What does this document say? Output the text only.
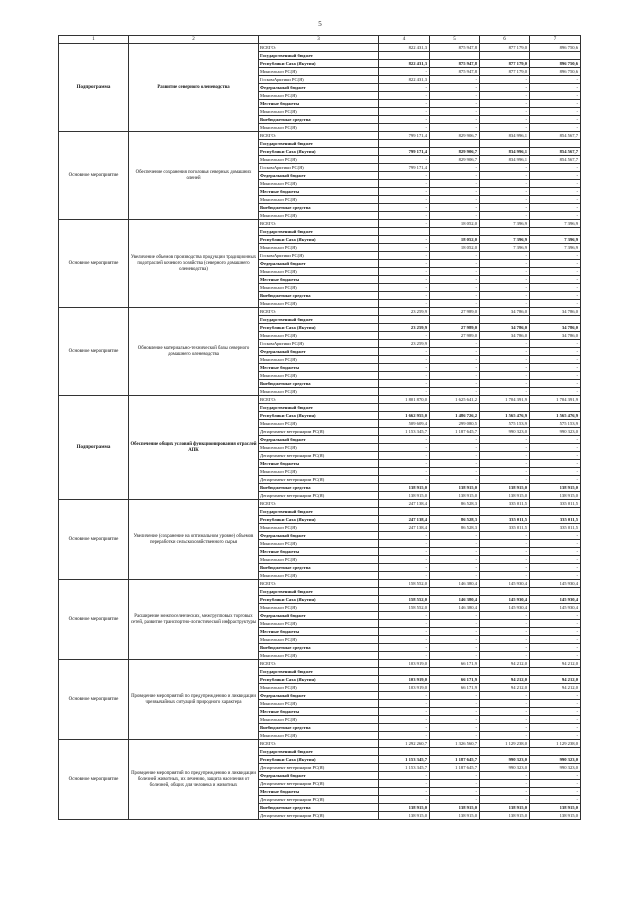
5
1	2	3	4	5	6	7
Подпрограмма	Развитие северного оленеводства	ВСЕГО:	822 431,3	875 947,8	877 179,0	896 750,6
		Государственный бюджет				
		Республики Саха (Якутия)	822 431,3	875 947,8	877 179,0	896 750,6
		Минсельхоз РС(Я)	-	875 947,8	877 179,0	896 750,6
		ГоскомАрктики РС(Я)	822 431,3	-	-	-
		Федеральный бюджет	-	-	-	-
		Минсельхоз РС(Я)	-	-	-	-
		Местные бюджеты	-	-	-	-
		Минсельхоз РС(Я)	-	-	-	-
		Внебюджетные средства	-	-	-	-
		Минсельхоз РС(Я)	-	-	-	-
Основное мероприятие	Обеспечение сохранения поголовья северных домашних оленей	ВСЕГО:	799 171,4	829 906,7	834 996,1	854 567,7
		Государственный бюджет				
		Республики Саха (Якутия)	799 171,4	829 906,7	834 996,1	854 567,7
		Минсельхоз РС(Я)	-	829 906,7	834 996,1	854 567,7
		ГоскомАрктики РС(Я)	799 171,4	-	-	-
		Федеральный бюджет	-	-	-	-
		Минсельхоз РС(Я)	-	-	-	-
		Местные бюджеты	-	-	-	-
		Минсельхоз РС(Я)	-	-	-	-
		Внебюджетные средства	-	-	-	-
		Минсельхоз РС(Я)	-	-	-	-
Основное мероприятие	Увеличение объемов производства продукции традиционных подотраслей кочевого хозяйства (северного домашнего оленеводства)	ВСЕГО:	-	18 052,0	7 396,9	7 396,9
		Государственный бюджет				
		Республики Саха (Якутия)	-	18 052,0	7 396,9	7 396,9
		Минсельхоз РС(Я)	-	18 052,0	7 396,9	7 396,9
		ГоскомАрктики РС(Я)	-	-	-	-
		Федеральный бюджет	-	-	-	-
		Минсельхоз РС(Я)	-	-	-	-
		Местные бюджеты	-	-	-	-
		Минсельхоз РС(Я)	-	-	-	-
		Внебюджетные средства	-	-	-	-
		Минсельхоз РС(Я)	-	-	-	-
Основное мероприятие	Обновление материально-технической базы северного домашнего оленеводства	ВСЕГО:	23 259,9	27 989,0	34 786,0	34 786,0
		Государственный бюджет				
		Республики Саха (Якутия)	23 259,9	27 989,0	34 786,0	34 786,0
		Минсельхоз РС(Я)	-	27 989,0	34 786,0	34 786,0
		ГоскомАрктики РС(Я)	23 259,9	-	-	-
		Федеральный бюджет	-	-	-	-
		Минсельхоз РС(Я)	-	-	-	-
		Местные бюджеты	-	-	-	-
		Минсельхоз РС(Я)	-	-	-	-
		Внебюджетные средства	-	-	-	-
		Минсельхоз РС(Я)	-	-	-	-
Подпрограмма	Обеспечение общих условий функционирования отраслей АПК	ВСЕГО:	1 801 870,0	1 625 641,2	1 704 391,9	1 704 391,9
		Государственный бюджет				
		Республики Саха (Якутия)	1 662 955,0	1 486 726,2	1 565 476,9	1 565 476,9
		Минсельхоз РС(Я)	509 609,4	299 080,5	575 153,9	575 153,9
		Департамент ветеринарии РС(Я)	1 153 345,7	1 187 645,7	990 323,0	990 323,0
		Федеральный бюджет	-	-	-	-
		Минсельхоз РС(Я)	-	-	-	-
		Департамент ветеринарии РС(Я)	-	-	-	-
		Местные бюджеты	-	-	-	-
		Минсельхоз РС(Я)	-	-	-	-
		Департамент ветеринарии РС(Я)	-	-	-	-
		Внебюджетные средства	138 915,0	138 915,0	138 915,0	138 915,0
		Департамент ветеринарии РС(Я)	138 915,0	138 915,0	138 915,0	138 915,0
Основное мероприятие	Увеличение (сохранение на оптимальном уровне) объемов переработки сельскохозяйственного сырья	ВСЕГО:	247 138,4	86 528,3	335 011,5	335 011,5
		Государственный бюджет				
		Республики Саха (Якутия)	247 138,4	86 528,3	335 011,5	335 011,5
		Минсельхоз РС(Я)	247 138,4	86 528,3	335 011,5	335 011,5
		Федеральный бюджет	-	-	-	-
		Минсельхоз РС(Я)	-	-	-	-
		Местные бюджеты	-	-	-	-
		Минсельхоз РС(Я)	-	-	-	-
		Внебюджетные средства	-	-	-	-
		Минсельхоз РС(Я)	-	-	-	-
Основное мероприятие	Расширение межпоселенческих, межгрупповых торговых сетей, развитие транспортно-логистической инфраструктуры	ВСЕГО:	158 552,0	146 380,4	145 930,4	145 930,4
		Государственный бюджет				
		Республики Саха (Якутия)	158 552,0	146 380,4	145 930,4	145 930,4
		Минсельхоз РС(Я)	158 552,0	146 380,4	145 930,4	145 930,4
		Федеральный бюджет	-	-	-	-
		Минсельхоз РС(Я)	-	-	-	-
		Местные бюджеты	-	-	-	-
		Минсельхоз РС(Я)	-	-	-	-
		Внебюджетные средства	-	-	-	-
		Минсельхоз РС(Я)	-	-	-	-
Основное мероприятие	Проведение мероприятий по предупреждению и ликвидации чрезвычайных ситуаций природного характера	ВСЕГО:	103 919,0	66 171,9	94 212,0	94 212,0
		Государственный бюджет				
		Республики Саха (Якутия)	103 919,0	66 171,9	94 212,0	94 212,0
		Минсельхоз РС(Я)	103 919,0	66 171,9	94 212,0	94 212,0
		Федеральный бюджет	-	-	-	-
		Минсельхоз РС(Я)	-	-	-	-
		Местные бюджеты	-	-	-	-
		Минсельхоз РС(Я)	-	-	-	-
		Внебюджетные средства	-	-	-	-
		Минсельхоз РС(Я)	-	-	-	-
Основное мероприятие	Проведение мероприятий по предупреждению и ликвидации болезней животных, их лечению, защита населения от болезней, общих для человека и животных	ВСЕГО:	1 292 260,7	1 326 560,7	1 129 238,0	1 129 238,0
		Государственный бюджет				
		Республики Саха (Якутия)	1 153 345,7	1 187 645,7	990 323,0	990 323,0
		Департамент ветеринарии РС(Я)	1 153 345,7	1 187 645,7	990 323,0	990 323,0
		Федеральный бюджет	-	-	-	-
		Департамент ветеринарии РС(Я)	-	-	-	-
		Местные бюджеты	-	-	-	-
		Департамент ветеринарии РС(Я)	-	-	-	-
		Внебюджетные средства	138 915,0	138 915,0	138 915,0	138 915,0
		Департамент ветеринарии РС(Я)	138 915,0	138 915,0	138 915,0	138 915,0
